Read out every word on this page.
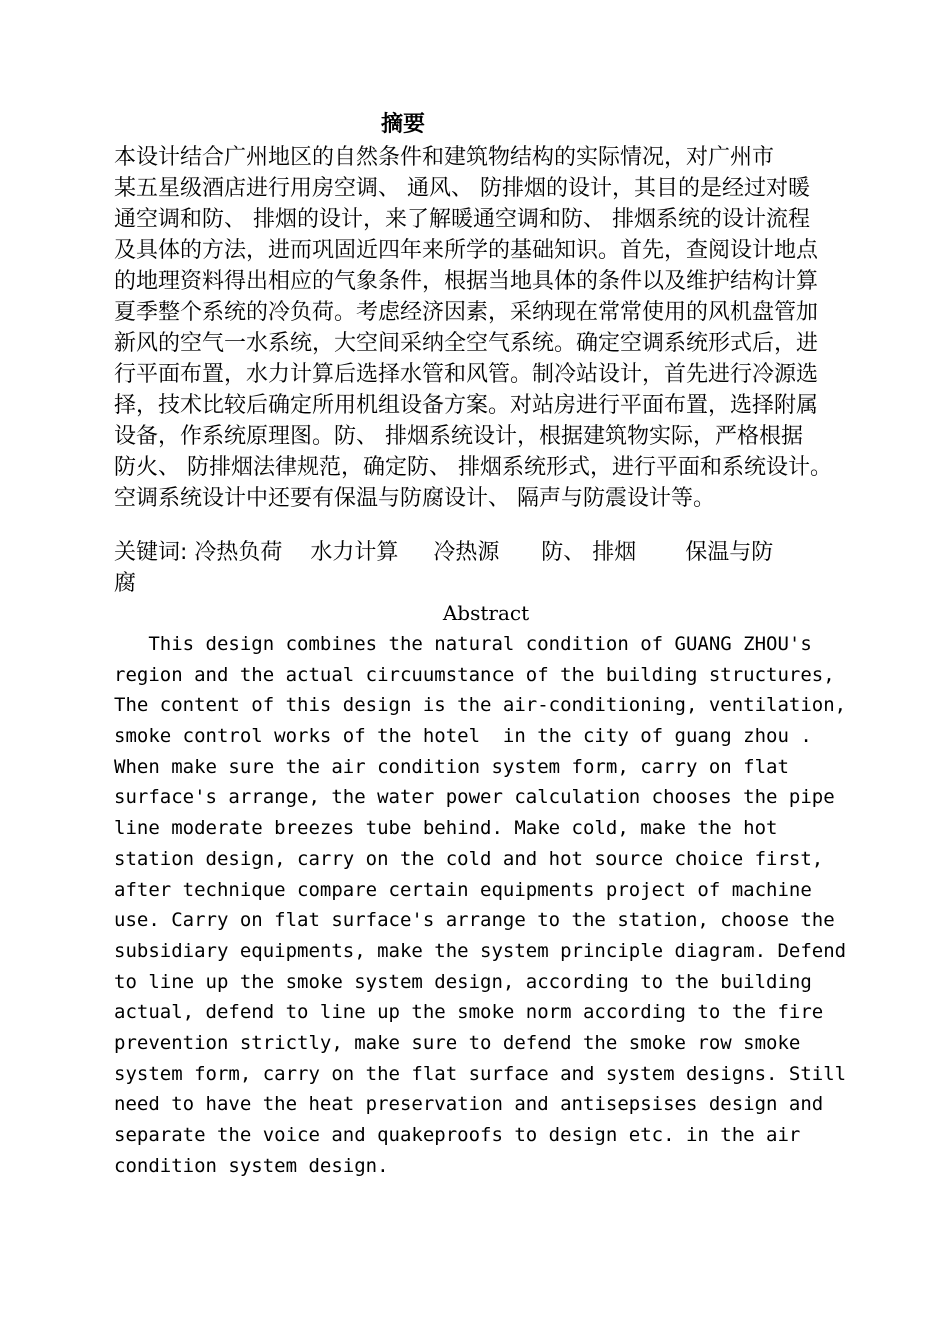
摘要
本设计结合广州地区的自然条件和建筑物结构的实际情况，对广州市
某五星级酒店进行用房空调、 通风、 防排烟的设计，其目的是经过对暖
通空调和防、 排烟的设计，来了解暖通空调和防、 排烟系统的设计流程
及具体的方法，进而巩固近四年来所学的基础知识。首先，查阅设计地点
的地理资料得出相应的气象条件，根据当地具体的条件以及维护结构计算
夏季整个系统的冷负荷。考虑经济因素，采纳现在常常使用的风机盘管加
新风的空气一水系统，大空间采纳全空气系统。确定空调系统形式后，进
行平面布置，水力计算后选择水管和风管。制冷站设计，首先进行冷源选
择，技术比较后确定所用机组设备方案。对站房进行平面布置，选择附属
设备，作系统原理图。防、 排烟系统设计，根据建筑物实际，严格根据
防火、 防排烟法律规范，确定防、 排烟系统形式，进行平面和系统设计。
空调系统设计中还要有保温与防腐设计、 隔声与防震设计等。
关键词: 冷热负荷    水力计算     冷热源      防、 排烟       保温与防
腐
Abstract
This design combines the natural condition of GUANG ZHOU's
region and the actual circuumstance of the building structures,
The content of this design is the air-conditioning, ventilation,
smoke control works of the hotel  in the city of guang zhou .
When make sure the air condition system form, carry on flat
surface's arrange, the water power calculation chooses the pipe
line moderate breezes tube behind. Make cold, make the hot
station design, carry on the cold and hot source choice first,
after technique compare certain equipments project of machine
use. Carry on flat surface's arrange to the station, choose the
subsidiary equipments, make the system principle diagram. Defend
to line up the smoke system design, according to the building
actual, defend to line up the smoke norm according to the fire
prevention strictly, make sure to defend the smoke row smoke
system form, carry on the flat surface and system designs. Still
need to have the heat preservation and antisepsises design and
separate the voice and quakeproofs to design etc. in the air
condition system design.
